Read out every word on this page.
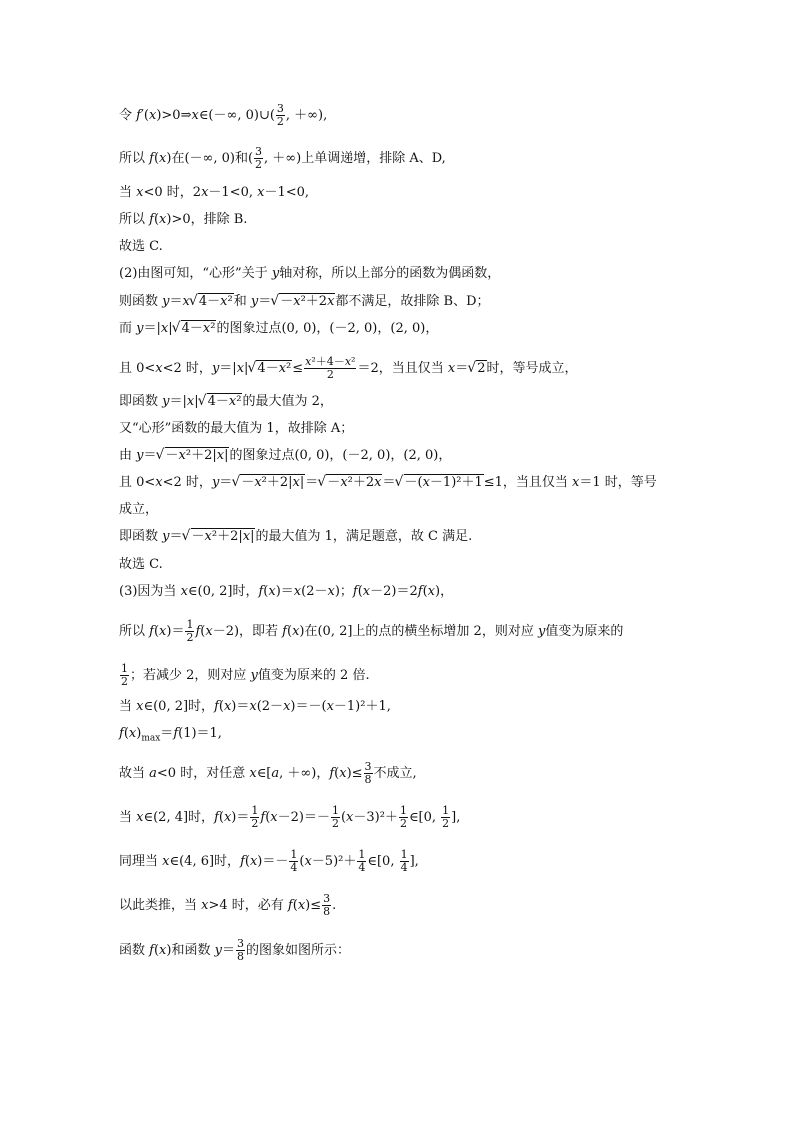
令 f′(x)>0⇒x∈(－∞, 0)∪( $\frac{3}{2}$ , ＋∞),
所以 f(x)在(－∞, 0)和( $\frac{3}{2}$ , ＋∞)上单调递增，排除 A、D,
当 x<0 时，2x－1<0, x－1<0,
所以 f(x)>0，排除 B.
故选 C.
(2)由图可知，“心形”关于 y轴对称，所以上部分的函数为偶函数，
则函数 y＝x √ 4－x²和 y＝ √ －x²＋2x都不满足，故排除 B、D；
而 y＝|x| √ 4－x²的图象过点(0, 0)，(－2, 0)，(2, 0)，
且 0<x<2 时，y＝|x| √ $4-x^2\le \frac{\text{x²＋4－x²}}{2} =2$，当且仅当 x＝ √ 2时，等号成立，
即函数 y＝|x| √ 4－x²的最大值为 2，
又“心形”函数的最大值为 1，故排除 A；
由 y＝ √ －x²＋2|x|的图象过点(0, 0)，(－2, 0)，(2, 0)，
且 0<x<2 时，y＝ √ －x²＋2|x|＝ √ －x²＋2x＝ √ －(x－1)²＋1≤1，当且仅当 x＝1 时，等号
成立，
即函数 y＝ √ －x²＋2|x|的最大值为 1，满足题意，故 C 满足.
故选 C.
(3)因为当 x∈(0, 2]时，f(x)＝x(2－x)；f(x－2)＝2f(x)，
所以 $f(x)= \frac{1}{2} f(x-2)$，即若 f(x)在(0, 2]上的点的横坐标增加 2，则对应 y值变为原来的
$\frac{1}{2}$ ；若减少 2，则对应 y值变为原来的 2 倍.
当 x∈(0, 2]时，f(x)＝x(2－x)＝－(x－1)²＋1,
$f(x)_{max}=f(1)=1$,
故当 a<0 时，对任意 x∈[a, ＋∞)，$f(x)\le \frac{3}{8}$ 不成立,
当 x∈(2, 4]时，$f(x)= \frac{1}{2} f(x-2)=- \frac{1}{2} (x-3)^2+ \frac{1}{2}$ ∈[0, $\frac{1}{2}$ ],
同理当 x∈(4, 6]时，$f(x)=- \frac{1}{4} (x-5)^2+ \frac{1}{4}$ ∈[0, $\frac{1}{4}$ ],
以此类推，当 x>4 时，必有 $f(x)\le \frac{3}{8}$ .
函数 f(x)和函数 $y= \frac{3}{8}$ 的图象如图所示：
